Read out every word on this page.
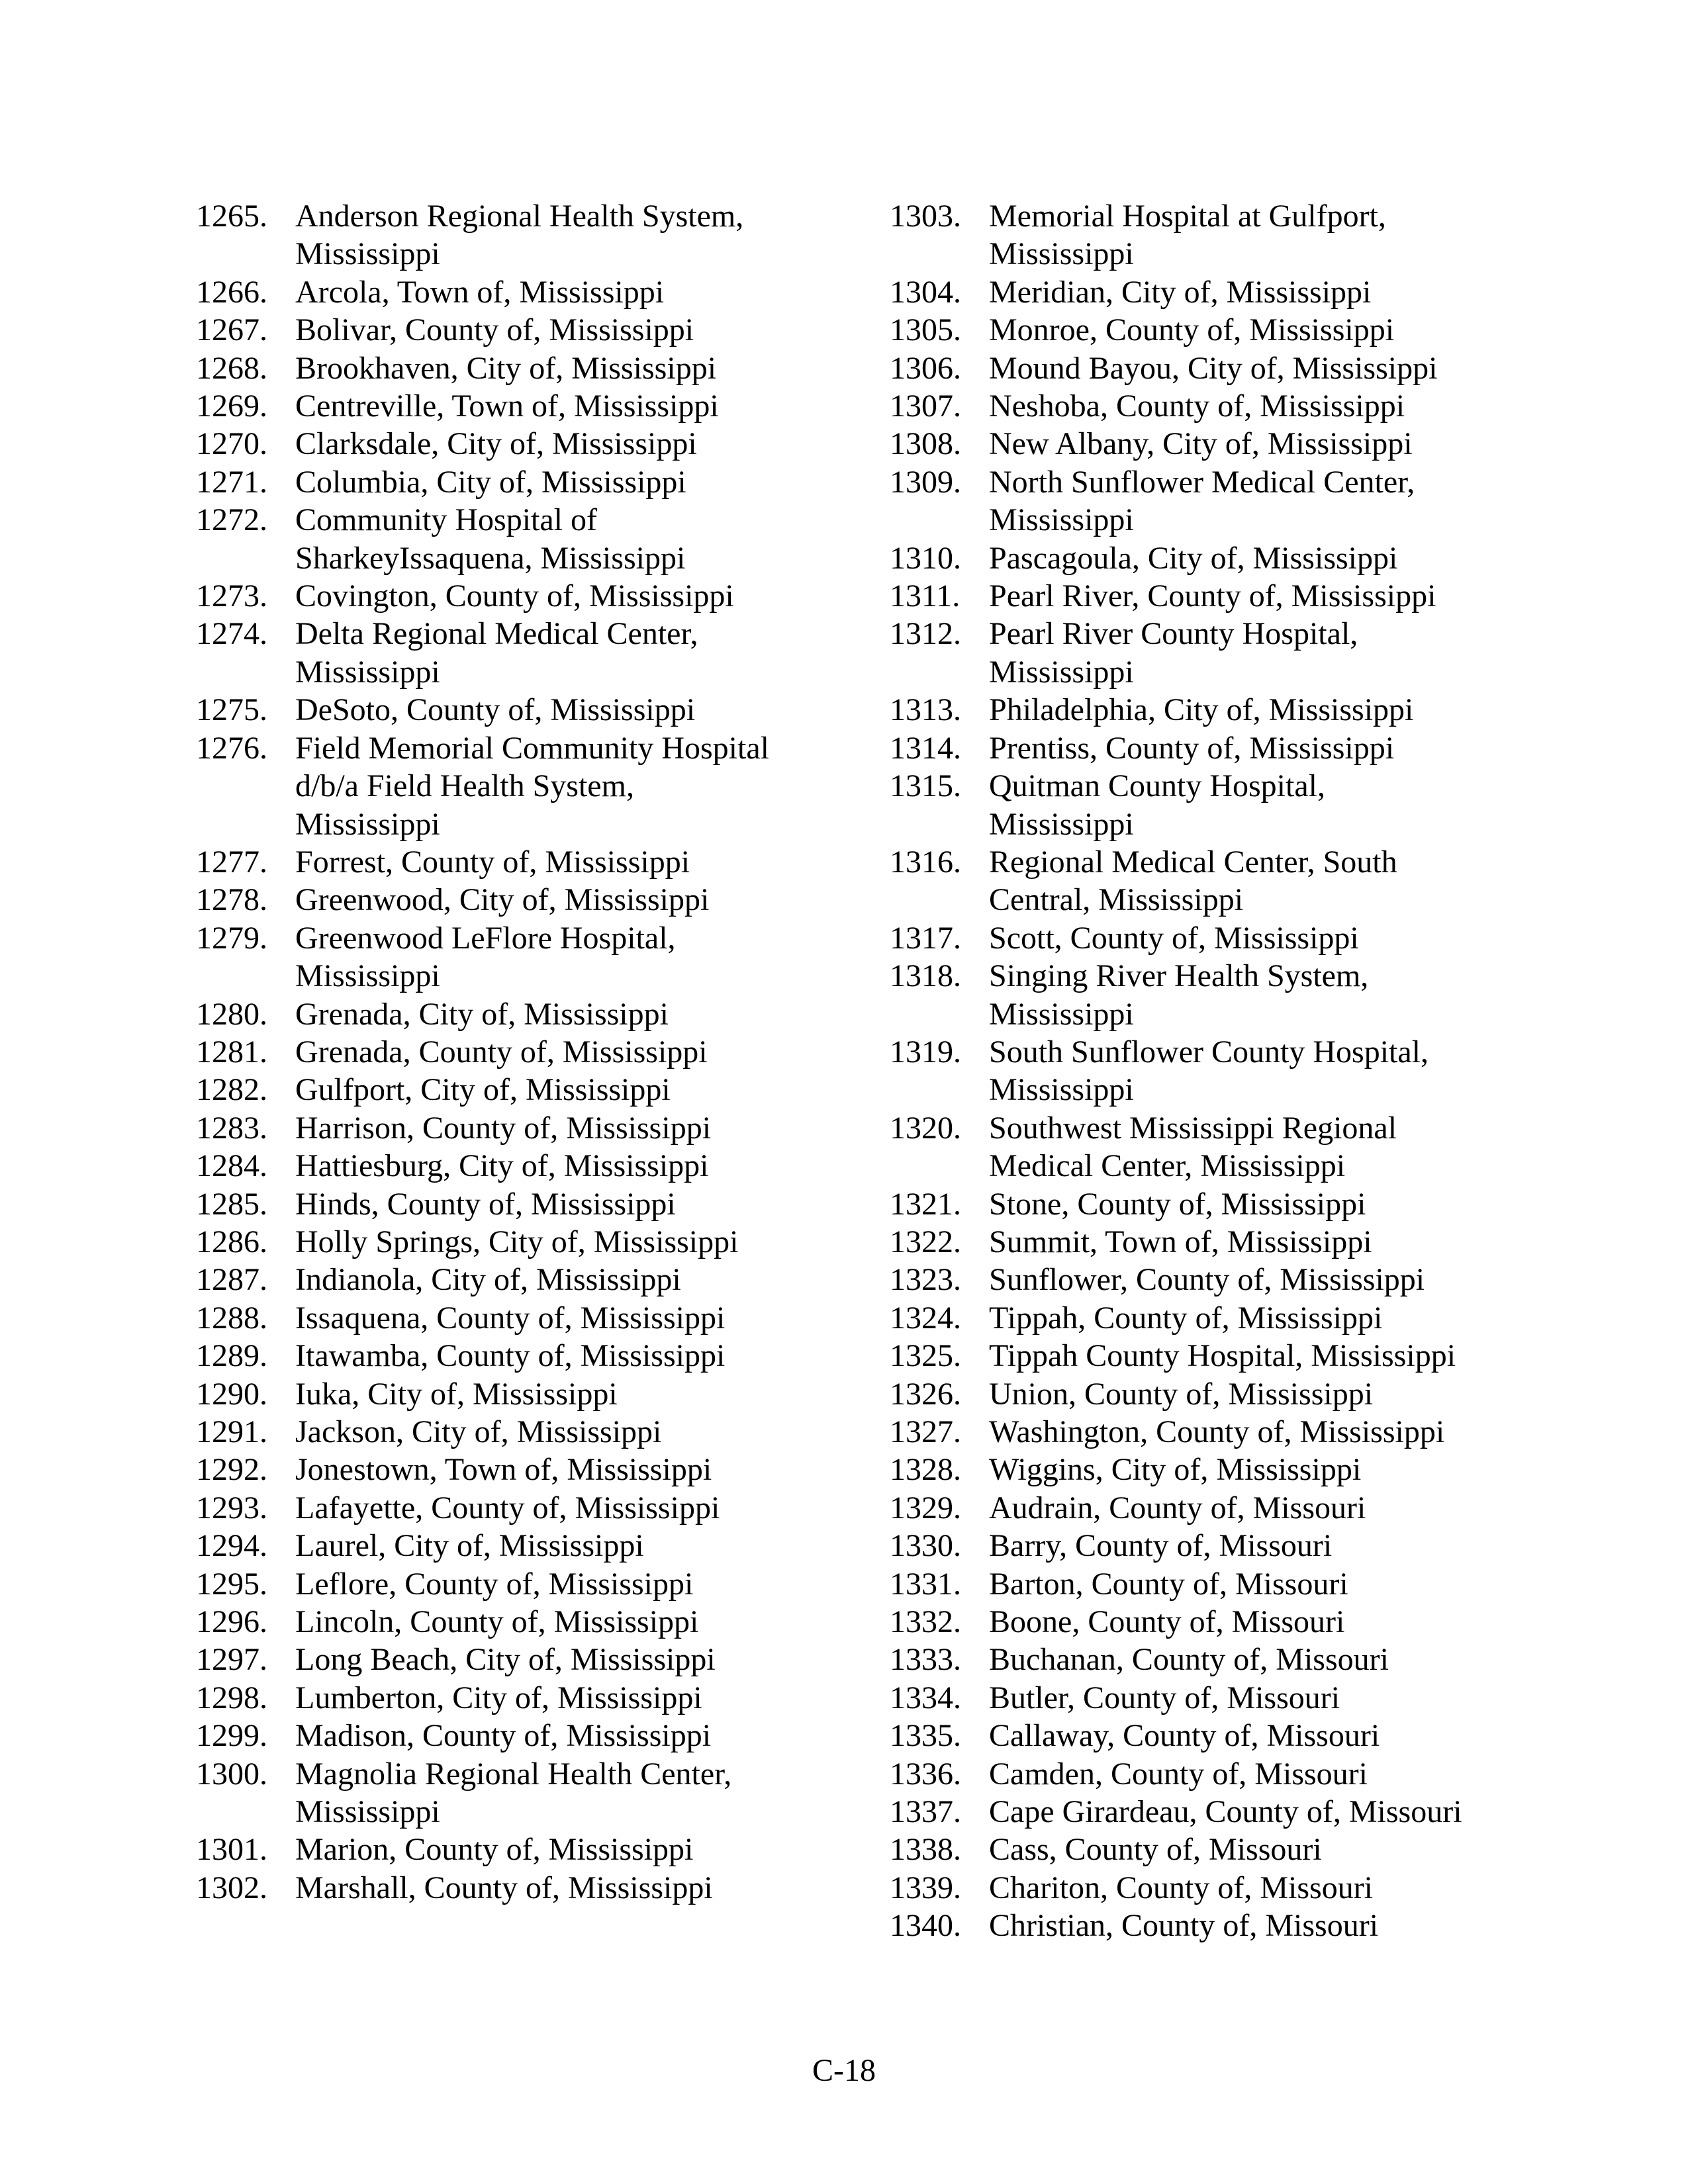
1265. Anderson Regional Health System,
Mississippi
1266. Arcola, Town of, Mississippi
1267. Bolivar, County of, Mississippi
1268. Brookhaven, City of, Mississippi
1269. Centreville, Town of, Mississippi
1270. Clarksdale, City of, Mississippi
1271. Columbia, City of, Mississippi
1272. Community Hospital of
SharkeyIssaquena, Mississippi
1273. Covington, County of, Mississippi
1274. Delta Regional Medical Center,
Mississippi
1275. DeSoto, County of, Mississippi
1276. Field Memorial Community Hospital
d/b/a Field Health System,
Mississippi
1277. Forrest, County of, Mississippi
1278. Greenwood, City of, Mississippi
1279. Greenwood LeFlore Hospital,
Mississippi
1280. Grenada, City of, Mississippi
1281. Grenada, County of, Mississippi
1282. Gulfport, City of, Mississippi
1283. Harrison, County of, Mississippi
1284. Hattiesburg, City of, Mississippi
1285. Hinds, County of, Mississippi
1286. Holly Springs, City of, Mississippi
1287. Indianola, City of, Mississippi
1288. Issaquena, County of, Mississippi
1289. Itawamba, County of, Mississippi
1290. Iuka, City of, Mississippi
1291. Jackson, City of, Mississippi
1292. Jonestown, Town of, Mississippi
1293. Lafayette, County of, Mississippi
1294. Laurel, City of, Mississippi
1295. Leflore, County of, Mississippi
1296. Lincoln, County of, Mississippi
1297. Long Beach, City of, Mississippi
1298. Lumberton, City of, Mississippi
1299. Madison, County of, Mississippi
1300. Magnolia Regional Health Center,
Mississippi
1301. Marion, County of, Mississippi
1302. Marshall, County of, Mississippi
1303. Memorial Hospital at Gulfport,
Mississippi
1304. Meridian, City of, Mississippi
1305. Monroe, County of, Mississippi
1306. Mound Bayou, City of, Mississippi
1307. Neshoba, County of, Mississippi
1308. New Albany, City of, Mississippi
1309. North Sunflower Medical Center,
Mississippi
1310. Pascagoula, City of, Mississippi
1311. Pearl River, County of, Mississippi
1312. Pearl River County Hospital,
Mississippi
1313. Philadelphia, City of, Mississippi
1314. Prentiss, County of, Mississippi
1315. Quitman County Hospital,
Mississippi
1316. Regional Medical Center, South
Central, Mississippi
1317. Scott, County of, Mississippi
1318. Singing River Health System,
Mississippi
1319. South Sunflower County Hospital,
Mississippi
1320. Southwest Mississippi Regional
Medical Center, Mississippi
1321. Stone, County of, Mississippi
1322. Summit, Town of, Mississippi
1323. Sunflower, County of, Mississippi
1324. Tippah, County of, Mississippi
1325. Tippah County Hospital, Mississippi
1326. Union, County of, Mississippi
1327. Washington, County of, Mississippi
1328. Wiggins, City of, Mississippi
1329. Audrain, County of, Missouri
1330. Barry, County of, Missouri
1331. Barton, County of, Missouri
1332. Boone, County of, Missouri
1333. Buchanan, County of, Missouri
1334. Butler, County of, Missouri
1335. Callaway, County of, Missouri
1336. Camden, County of, Missouri
1337. Cape Girardeau, County of, Missouri
1338. Cass, County of, Missouri
1339. Chariton, County of, Missouri
1340. Christian, County of, Missouri
C-18
